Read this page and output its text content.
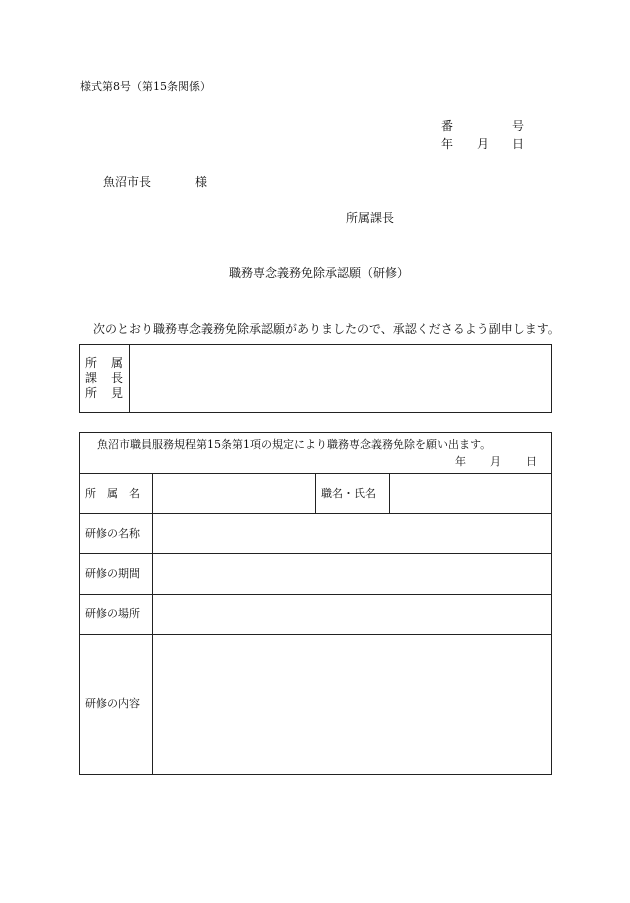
様式第8号（第15条関係）
番	号
年 月 日
魚沼市長	様
所属課長
職務専念義務免除承認願（研修）
次のとおり職務専念義務免除承認願がありましたので、承認くださるよう副申します。
所 属
課 長
所 見
魚沼市職員服務規程第15条第1項の規定により職務専念義務免除を願い出ます。
年 月 日
所　属　名	職名・氏名
研修の名称
研修の期間
研修の場所
研修の内容
